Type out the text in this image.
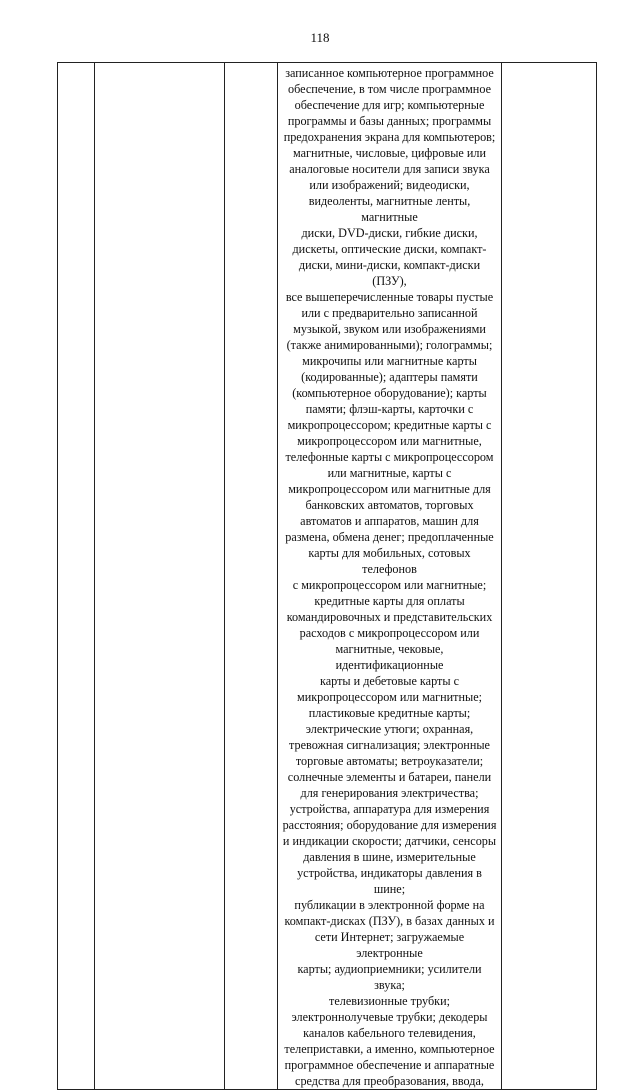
118

записанное компьютерное программное
обеспечение, в том числе программное
обеспечение для игр; компьютерные
программы и базы данных; программы
предохранения экрана для компьютеров;
магнитные, числовые, цифровые или
аналоговые носители для записи звука
или изображений; видеодиски,
видеоленты, магнитные ленты, магнитные
диски, DVD-диски, гибкие диски,
дискеты, оптические диски, компакт-
диски, мини-диски, компакт-диски (ПЗУ),
все вышеперечисленные товары пустые
или с предварительно записанной
музыкой, звуком или изображениями
(также анимированными); голограммы;
микрочипы или магнитные карты
(кодированные); адаптеры памяти
(компьютерное оборудование); карты
памяти; флэш-карты, карточки с
микропроцессором; кредитные карты с
микропроцессором или магнитные,
телефонные карты с микропроцессором
или магнитные, карты с
микропроцессором или магнитные для
банковских автоматов, торговых
автоматов и аппаратов, машин для
размена, обмена денег; предоплаченные
карты для мобильных, сотовых телефонов
с микропроцессором или магнитные;
кредитные карты для оплаты
командировочных и представительских
расходов с микропроцессором или
магнитные, чековые, идентификационные
карты и дебетовые карты с
микропроцессором или магнитные;
пластиковые кредитные карты;
электрические утюги; охранная,
тревожная сигнализация; электронные
торговые автоматы; ветроуказатели;
солнечные элементы и батареи, панели
для генерирования электричества;
устройства, аппаратура для измерения
расстояния; оборудование для измерения
и индикации скорости; датчики, сенсоры
давления в шине, измерительные
устройства, индикаторы давления в шине;
публикации в электронной форме на
компакт-дисках (ПЗУ), в базах данных и
сети Интернет; загружаемые электронные
карты; аудиоприемники; усилители звука;
телевизионные трубки;
электроннолучевые трубки; декодеры
каналов кабельного телевидения,
телеприставки, а именно, компьютерное
программное обеспечение и аппаратные
средства для преобразования, ввода,
